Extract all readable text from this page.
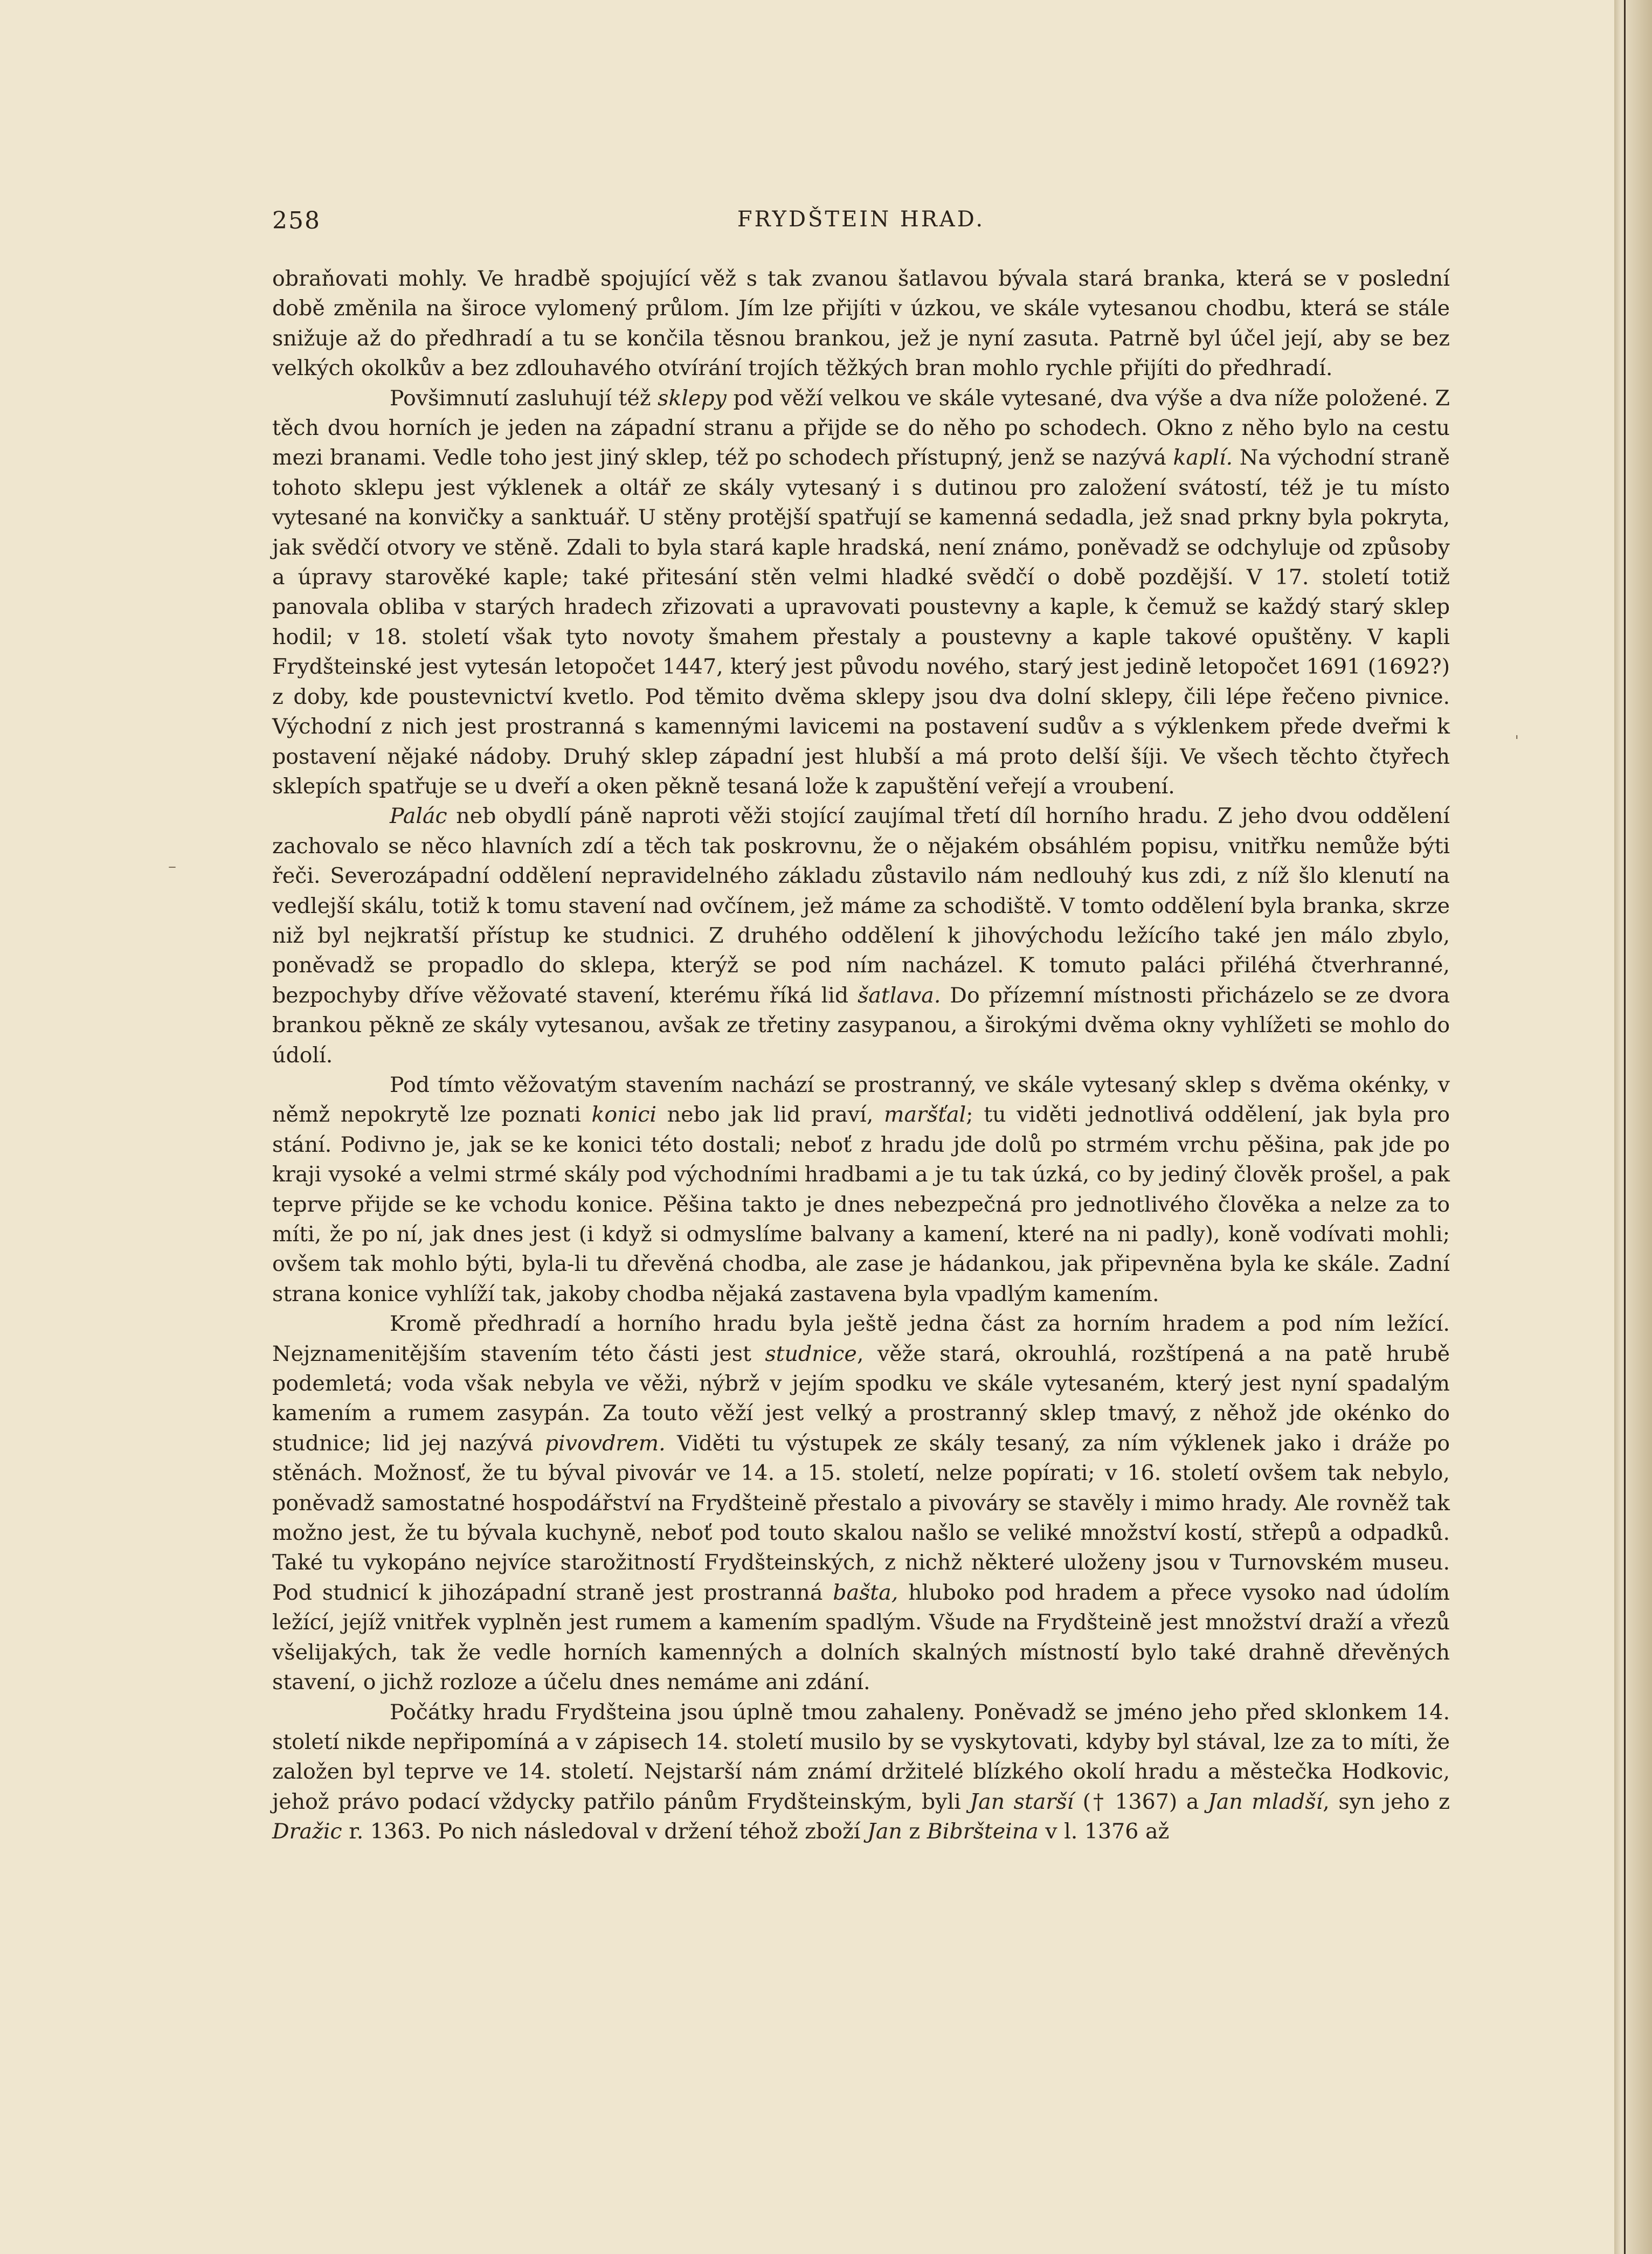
258	FRYDŠTEIN HRAD.
–
ˈ

obraňovati mohly. Ve hradbě spojující věž s tak zvanou šatlavou bývala stará branka, která se v poslední době změnila na široce vylomený průlom. Jím lze přijíti v úzkou, ve skále vytesanou chodbu, která se stále snižuje až do předhradí a tu se končila těsnou brankou, jež je nyní zasuta. Patrně byl účel její, aby se bez velkých okolkův a bez zdlouhavého otvírání trojích těžkých bran mohlo rychle přijíti do předhradí.

Povšimnutí zasluhují též sklepy pod věží velkou ve skále vytesané, dva výše a dva níže položené. Z těch dvou horních je jeden na západní stranu a přijde se do něho po schodech. Okno z něho bylo na cestu mezi branami. Vedle toho jest jiný sklep, též po schodech přístupný, jenž se nazývá kaplí. Na východní straně tohoto sklepu jest výklenek a oltář ze skály vytesaný i s dutinou pro založení svátostí, též je tu místo vytesané na konvičky a sanktuář. U stěny protější spatřují se kamenná sedadla, jež snad prkny byla pokryta, jak svědčí otvory ve stěně. Zdali to byla stará kaple hradská, není známo, poněvadž se odchyluje od způsoby a úpravy starověké kaple; také přitesání stěn velmi hladké svědčí o době pozdější. V 17. století totiž panovala obliba v starých hradech zřizovati a upravovati poustevny a kaple, k čemuž se každý starý sklep hodil; v 18. století však tyto novoty šmahem přestaly a poustevny a kaple takové opuštěny. V kapli Frydšteinské jest vytesán letopočet 1447, který jest původu nového, starý jest jedině letopočet 1691 (1692?) z doby, kde poustevnictví kvetlo. Pod těmito dvěma sklepy jsou dva dolní sklepy, čili lépe řečeno pivnice. Východní z nich jest prostranná s kamennými lavicemi na postavení sudův a s výklenkem přede dveřmi k postavení nějaké nádoby. Druhý sklep západní jest hlubší a má proto delší šíji. Ve všech těchto čtyřech sklepích spatřuje se u dveří a oken pěkně tesaná lože k zapuštění veřejí a vroubení.

Palác neb obydlí páně naproti věži stojící zaujímal třetí díl horního hradu. Z jeho dvou oddělení zachovalo se něco hlavních zdí a těch tak poskrovnu, že o nějakém obsáhlém popisu, vnitřku nemůže býti řeči. Severozápadní oddělení nepravidelného základu zůstavilo nám nedlouhý kus zdi, z níž šlo klenutí na vedlejší skálu, totiž k tomu stavení nad ovčínem, jež máme za schodiště. V tomto oddělení byla branka, skrze niž byl nejkratší přístup ke studnici. Z druhého oddělení k jihovýchodu ležícího také jen málo zbylo, poněvadž se propadlo do sklepa, kterýž se pod ním nacházel. K tomuto paláci přiléhá čtverhranné, bezpochyby dříve věžovaté stavení, kterému říká lid šatlava. Do přízemní místnosti přicházelo se ze dvora brankou pěkně ze skály vytesanou, avšak ze třetiny zasypanou, a širokými dvěma okny vyhlížeti se mohlo do údolí.

Pod tímto věžovatým stavením nachází se prostranný, ve skále vytesaný sklep s dvěma okénky, v němž nepokrytě lze poznati konici nebo jak lid praví, maršťal; tu viděti jednotlivá oddělení, jak byla pro stání. Podivno je, jak se ke konici této dostali; neboť z hradu jde dolů po strmém vrchu pěšina, pak jde po kraji vysoké a velmi strmé skály pod východními hradbami a je tu tak úzká, co by jediný člověk prošel, a pak teprve přijde se ke vchodu konice. Pěšina takto je dnes nebezpečná pro jednotlivého člověka a nelze za to míti, že po ní, jak dnes jest (i když si odmyslíme balvany a kamení, které na ni padly), koně vodívati mohli; ovšem tak mohlo býti, byla-li tu dřevěná chodba, ale zase je hádankou, jak připevněna byla ke skále. Zadní strana konice vyhlíží tak, jakoby chodba nějaká zastavena byla vpadlým kamením.

Kromě předhradí a horního hradu byla ještě jedna část za horním hradem a pod ním ležící. Nejznamenitějším stavením této části jest studnice, věže stará, okrouhlá, rozštípená a na patě hrubě podemletá; voda však nebyla ve věži, nýbrž v jejím spodku ve skále vytesaném, který jest nyní spadalým kamením a rumem zasypán. Za touto věží jest velký a prostranný sklep tmavý, z něhož jde okénko do studnice; lid jej nazývá pivovdrem. Viděti tu výstupek ze skály tesaný, za ním výklenek jako i dráže po stěnách. Možnosť, že tu býval pivovár ve 14. a 15. století, nelze popírati; v 16. století ovšem tak nebylo, poněvadž samostatné hospodářství na Frydšteině přestalo a pivováry se stavěly i mimo hrady. Ale rovněž tak možno jest, že tu bývala kuchyně, neboť pod touto skalou našlo se veliké množství kostí, střepů a odpadků. Také tu vykopáno nejvíce starožitností Frydšteinských, z nichž některé uloženy jsou v Turnovském museu. Pod studnicí k jihozápadní straně jest prostranná bašta, hluboko pod hradem a přece vysoko nad údolím ležící, jejíž vnitřek vyplněn jest rumem a kamením spadlým. Všude na Frydšteině jest množství draží a vřezů všelijakých, tak že vedle horních kamenných a dolních skalných místností bylo také drahně dřevěných stavení, o jichž rozloze a účelu dnes nemáme ani zdání.

Počátky hradu Frydšteina jsou úplně tmou zahaleny. Poněvadž se jméno jeho před sklonkem 14. století nikde nepřipomíná a v zápisech 14. století musilo by se vyskytovati, kdyby byl stával, lze za to míti, že založen byl teprve ve 14. století. Nejstarší nám známí držitelé blízkého okolí hradu a městečka Hodkovic, jehož právo podací vždycky patřilo pánům Frydšteinským, byli Jan starší († 1367) a Jan mladší, syn jeho z Dražic r. 1363. Po nich následoval v držení téhož zboží Jan z Bibršteina v l. 1376 až
